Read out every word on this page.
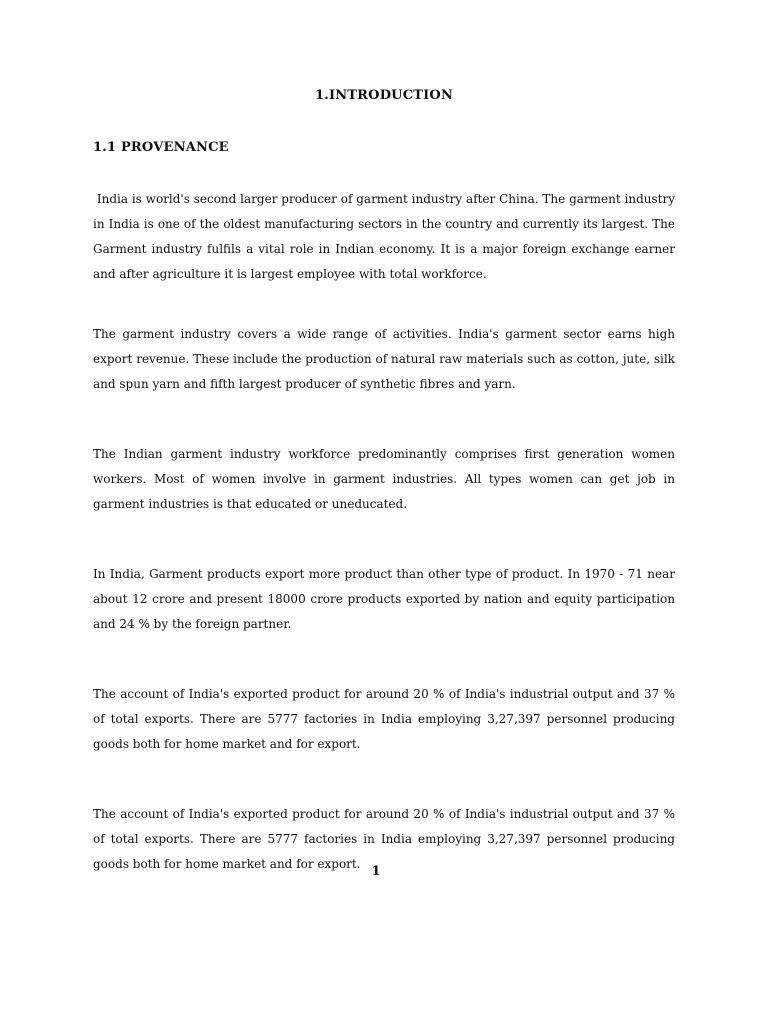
1.INTRODUCTION
1.1 PROVENANCE

India is world's second larger producer of garment industry after China. The garment industry in India is one of the oldest manufacturing sectors in the country and currently its largest. The Garment industry fulfils a vital role in Indian economy. It is a major foreign exchange earner and after agriculture it is largest employee with total workforce.

The garment industry covers a wide range of activities. India's garment sector earns high export revenue. These include the production of natural raw materials such as cotton, jute, silk and spun yarn and fifth largest producer of synthetic fibres and yarn.

The Indian garment industry workforce predominantly comprises first generation women workers. Most of women involve in garment industries. All types women can get job in garment industries is that educated or uneducated.

In India, Garment products export more product than other type of product. In 1970 - 71 near about 12 crore and present 18000 crore products exported by nation and equity participation and 24 % by the foreign partner.

The account of India's exported product for around 20 % of India's industrial output and 37 % of total exports. There are 5777 factories in India employing 3,27,397 personnel producing goods both for home market and for export.

The account of India's exported product for around 20 % of India's industrial output and 37 % of total exports. There are 5777 factories in India employing 3,27,397 personnel producing goods both for home market and for export. 1
